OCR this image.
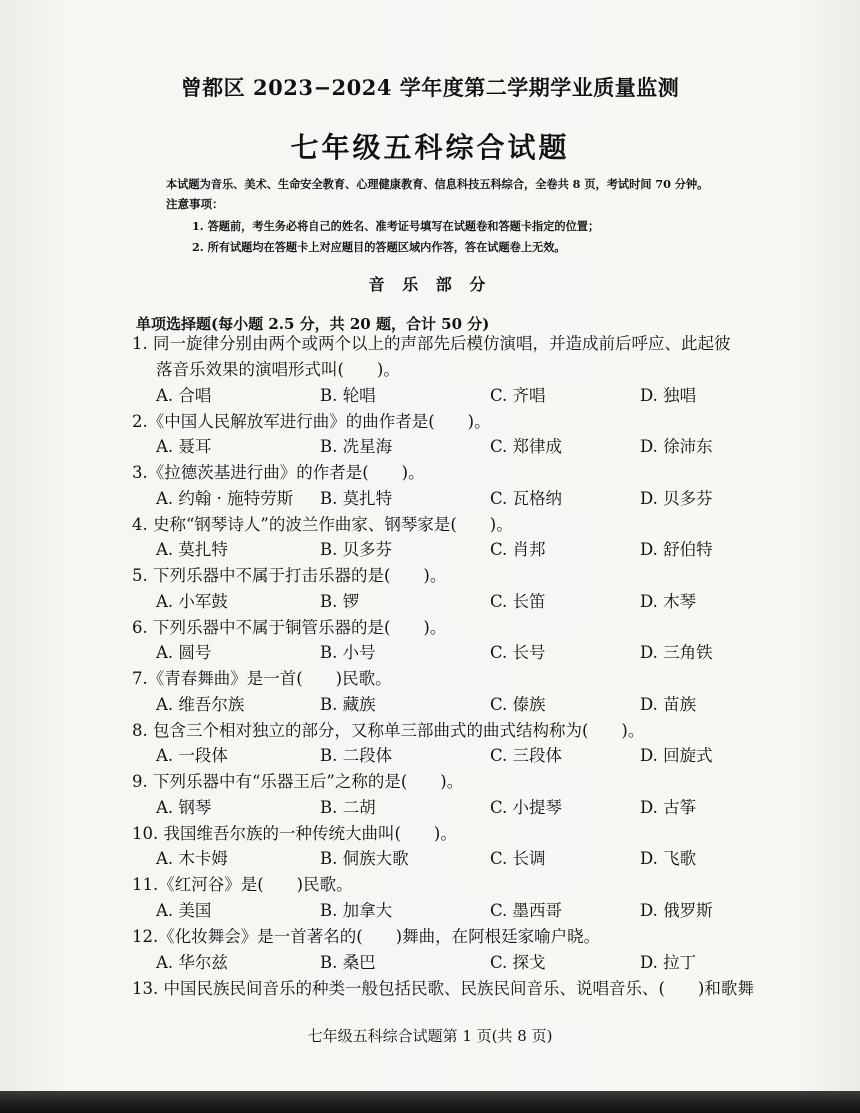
曾都区 2023−2024 学年度第二学期学业质量监测
七年级五科综合试题
本试题为音乐、美术、生命安全教育、心理健康教育、信息科技五科综合，全卷共 8 页，考试时间 70 分钟。
注意事项：
1. 答题前，考生务必将自己的姓名、准考证号填写在试题卷和答题卡指定的位置；
2. 所有试题均在答题卡上对应题目的答题区域内作答，答在试题卷上无效。
音 乐 部 分
单项选择题(每小题 2.5 分，共 20 题，合计 50 分)
1. 同一旋律分别由两个或两个以上的声部先后模仿演唱，并造成前后呼应、此起彼
落音乐效果的演唱形式叫(　　)。
A. 合唱	B. 轮唱	C. 齐唱	D. 独唱
2.《中国人民解放军进行曲》的曲作者是(　　)。
A. 聂耳	B. 冼星海	C. 郑律成	D. 徐沛东
3.《拉德茨基进行曲》的作者是(　　)。
A. 约翰 · 施特劳斯 B. 莫扎特	C. 瓦格纳	D. 贝多芬
4. 史称“钢琴诗人”的波兰作曲家、钢琴家是(　　)。
A. 莫扎特	B. 贝多芬	C. 肖邦	D. 舒伯特
5. 下列乐器中不属于打击乐器的是(　　)。
A. 小军鼓	B. 锣	C. 长笛	D. 木琴
6. 下列乐器中不属于铜管乐器的是(　　)。
A. 圆号	B. 小号	C. 长号	D. 三角铁
7.《青春舞曲》是一首(　　)民歌。
A. 维吾尔族	B. 藏族	C. 傣族	D. 苗族
8. 包含三个相对独立的部分，又称单三部曲式的曲式结构称为(　　)。
A. 一段体	B. 二段体	C. 三段体	D. 回旋式
9. 下列乐器中有“乐器王后”之称的是(　　)。
A. 钢琴	B. 二胡	C. 小提琴	D. 古筝
10. 我国维吾尔族的一种传统大曲叫(　　)。
A. 木卡姆	B. 侗族大歌	C. 长调	D. 飞歌
11.《红河谷》是(　　)民歌。
A. 美国	B. 加拿大	C. 墨西哥	D. 俄罗斯
12.《化妆舞会》是一首著名的(　　)舞曲，在阿根廷家喻户晓。
A. 华尔兹	B. 桑巴	C. 探戈	D. 拉丁
13. 中国民族民间音乐的种类一般包括民歌、民族民间音乐、说唱音乐、(　　)和歌舞
七年级五科综合试题第 1 页(共 8 页)
